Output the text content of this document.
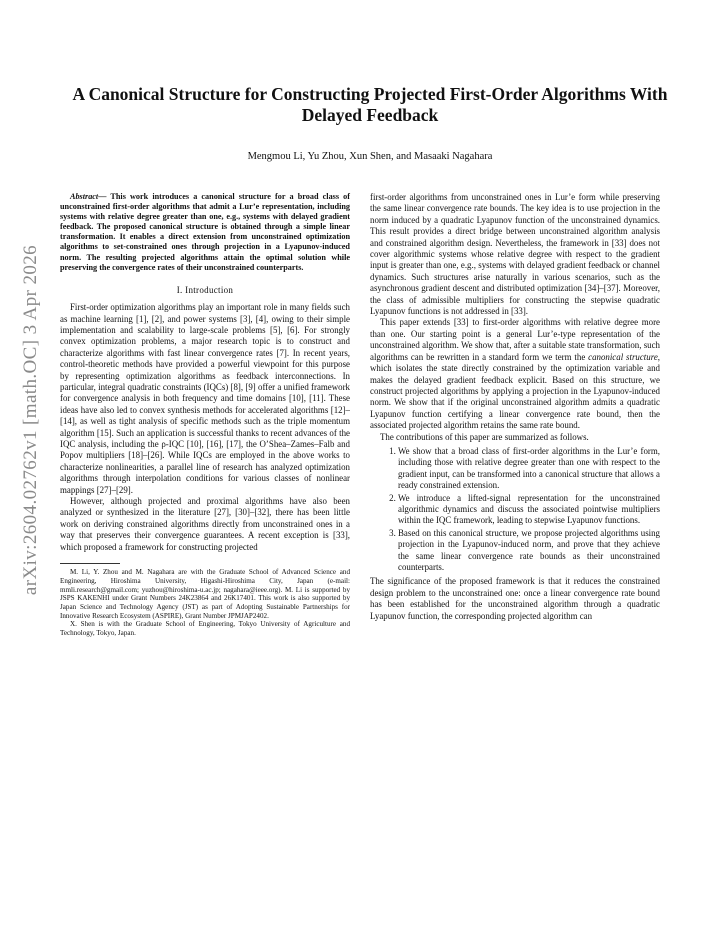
arXiv:2604.02762v1 [math.OC] 3 Apr 2026
A Canonical Structure for Constructing Projected First-Order Algorithms With Delayed Feedback
Mengmou Li, Yu Zhou, Xun Shen, and Masaaki Nagahara

Abstract— This work introduces a canonical structure for a broad class of unconstrained first-order algorithms that admit a Lur’e representation, including systems with relative degree greater than one, e.g., systems with delayed gradient feedback. The proposed canonical structure is obtained through a simple linear transformation. It enables a direct extension from unconstrained optimization algorithms to set-constrained ones through projection in a Lyapunov-induced norm. The resulting projected algorithms attain the optimal solution while preserving the convergence rates of their unconstrained counterparts.

I. Introduction

First-order optimization algorithms play an important role in many fields such as machine learning [1], [2], and power systems [3], [4], owing to their simple implementation and scalability to large-scale problems [5], [6]. For strongly convex optimization problems, a major research topic is to construct and characterize algorithms with fast linear convergence rates [7]. In recent years, control-theoretic methods have provided a powerful viewpoint for this purpose by representing optimization algorithms as feedback interconnections. In particular, integral quadratic constraints (IQCs) [8], [9] offer a unified framework for convergence analysis in both frequency and time domains [10], [11]. These ideas have also led to convex synthesis methods for accelerated algorithms [12]–[14], as well as tight analysis of specific methods such as the triple momentum algorithm [15]. Such an application is successful thanks to recent advances of the IQC analysis, including the ρ-IQC [10], [16], [17], the O’Shea–Zames–Falb and Popov multipliers [18]–[26]. While IQCs are employed in the above works to characterize nonlinearities, a parallel line of research has analyzed optimization algorithms through interpolation conditions for various classes of nonlinear mappings [27]–[29].

However, although projected and proximal algorithms have also been analyzed or synthesized in the literature [27], [30]–[32], there has been little work on deriving constrained algorithms directly from unconstrained ones in a way that preserves their convergence guarantees. A recent exception is [33], which proposed a framework for constructing projected

M. Li, Y. Zhou and M. Nagahara are with the Graduate School of Advanced Science and Engineering, Hiroshima University, Higashi-Hiroshima City, Japan (e-mail: mmli.research@gmail.com; yuzhou@hiroshima-u.ac.jp; nagahara@ieee.org). M. Li is supported by JSPS KAKENHI under Grant Numbers 24K23864 and 26K17401. This work is also supported by Japan Science and Technology Agency (JST) as part of Adopting Sustainable Partnerships for Innovative Research Ecosystem (ASPIRE), Grant Number JPMJAP2402.

X. Shen is with the Graduate School of Engineering, Tokyo University of Agriculture and Technology, Tokyo, Japan.

first-order algorithms from unconstrained ones in Lur’e form while preserving the same linear convergence rate bounds. The key idea is to use projection in the norm induced by a quadratic Lyapunov function of the unconstrained dynamics. This result provides a direct bridge between unconstrained algorithm analysis and constrained algorithm design. Nevertheless, the framework in [33] does not cover algorithmic systems whose relative degree with respect to the gradient input is greater than one, e.g., systems with delayed gradient feedback or channel dynamics. Such structures arise naturally in various scenarios, such as the asynchronous gradient descent and distributed optimization [34]–[37]. Moreover, the class of admissible multipliers for constructing the stepwise quadratic Lyapunov functions is not addressed in [33].

This paper extends [33] to first-order algorithms with relative degree more than one. Our starting point is a general Lur’e-type representation of the unconstrained algorithm. We show that, after a suitable state transformation, such algorithms can be rewritten in a standard form we term the canonical structure, which isolates the state directly constrained by the optimization variable and makes the delayed gradient feedback explicit. Based on this structure, we construct projected algorithms by applying a projection in the Lyapunov-induced norm. We show that if the original unconstrained algorithm admits a quadratic Lyapunov function certifying a linear convergence rate bound, then the associated projected algorithm retains the same rate bound.

The contributions of this paper are summarized as follows.

1. We show that a broad class of first-order algorithms in the Lur’e form, including those with relative degree greater than one with respect to the gradient input, can be transformed into a canonical structure that allows a ready constrained extension.
2. We introduce a lifted-signal representation for the unconstrained algorithmic dynamics and discuss the associated pointwise multipliers within the IQC framework, leading to stepwise Lyapunov functions.
3. Based on this canonical structure, we propose projected algorithms using projection in the Lyapunov-induced norm, and prove that they achieve the same linear convergence rate bounds as their unconstrained counterparts.

The significance of the proposed framework is that it reduces the constrained design problem to the unconstrained one: once a linear convergence rate bound has been established for the unconstrained algorithm through a quadratic Lyapunov function, the corresponding projected algorithm can
